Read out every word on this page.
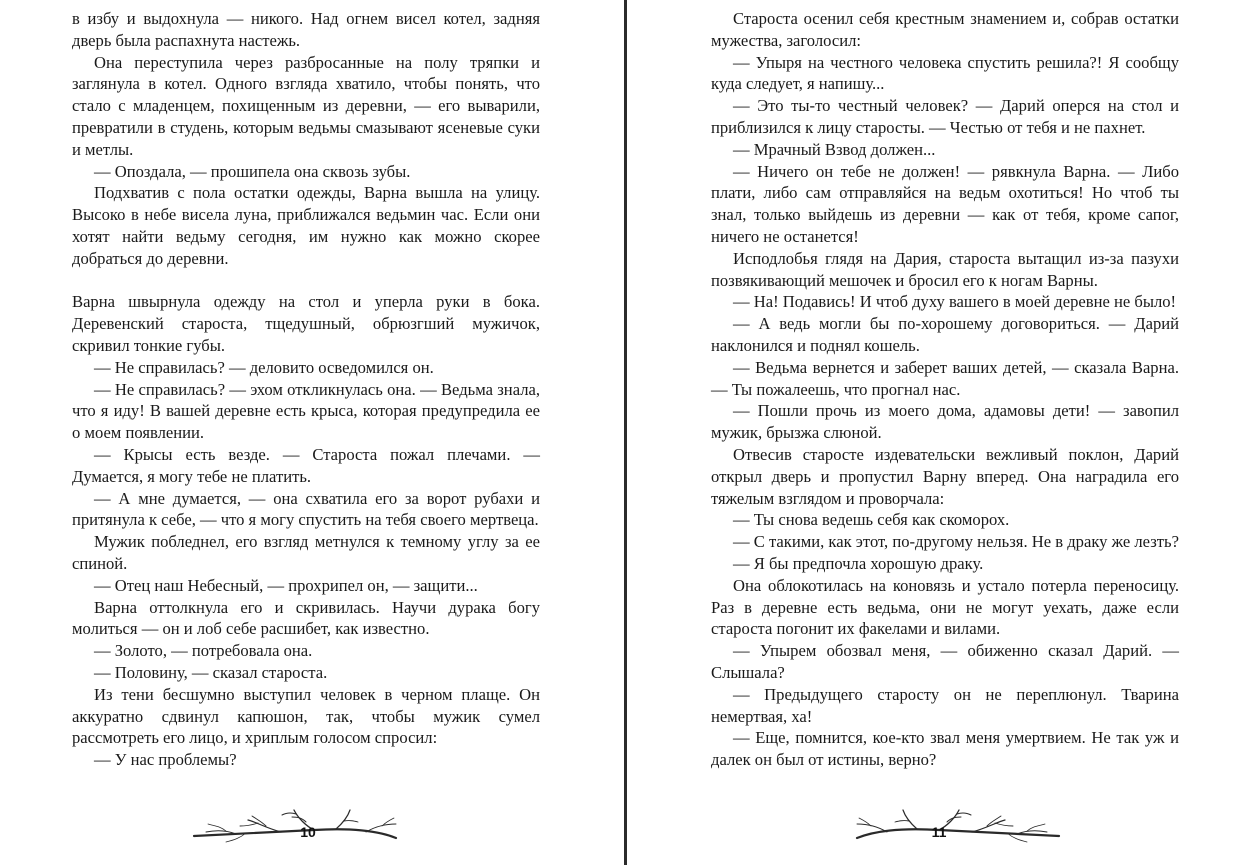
в избу и выдохнула — никого. Над огнем висел котел, задняя дверь была распахнута настежь.

Она переступила через разбросанные на полу тряпки и заглянула в котел. Одного взгляда хватило, чтобы понять, что стало с младенцем, похищенным из деревни, — его выварили, превратили в студень, которым ведьмы смазывают ясеневые суки и метлы.

— Опоздала, — прошипела она сквозь зубы.

Подхватив с пола остатки одежды, Варна вышла на улицу. Высоко в небе висела луна, приближался ведьмин час. Если они хотят найти ведьму сегодня, им нужно как можно скорее добраться до деревни.

Варна швырнула одежду на стол и уперла руки в бока. Деревенский староста, тщедушный, обрюзгший мужичок, скривил тонкие губы.

— Не справилась? — деловито осведомился он.

— Не справилась? — эхом откликнулась она. — Ведьма знала, что я иду! В вашей деревне есть крыса, которая предупредила ее о моем появлении.

— Крысы есть везде. — Староста пожал плечами. — Думается, я могу тебе не платить.

— А мне думается, — она схватила его за ворот рубахи и притянула к себе, — что я могу спустить на тебя своего мертвеца.

Мужик побледнел, его взгляд метнулся к темному углу за ее спиной.

— Отец наш Небесный, — прохрипел он, — защити...

Варна оттолкнула его и скривилась. Научи дурака богу молиться — он и лоб себе расшибет, как известно.

— Золото, — потребовала она.

— Половину, — сказал староста.

Из тени бесшумно выступил человек в черном плаще. Он аккуратно сдвинул капюшон, так, чтобы мужик сумел рассмотреть его лицо, и хриплым голосом спросил:

— У нас проблемы?

10

Староста осенил себя крестным знамением и, собрав остатки мужества, заголосил:

— Упыря на честного человека спустить решила?! Я сообщу куда следует, я напишу...

— Это ты-то честный человек? — Дарий оперся на стол и приблизился к лицу старосты. — Честью от тебя и не пахнет.

— Мрачный Взвод должен...

— Ничего он тебе не должен! — рявкнула Варна. — Либо плати, либо сам отправляйся на ведьм охотиться! Но чтоб ты знал, только выйдешь из деревни — как от тебя, кроме сапог, ничего не останется!

Исподлобья глядя на Дария, староста вытащил из-за пазухи позвякивающий мешочек и бросил его к ногам Варны.

— На! Подавись! И чтоб духу вашего в моей деревне не было!

— А ведь могли бы по-хорошему договориться. — Дарий наклонился и поднял кошель.

— Ведьма вернется и заберет ваших детей, — сказала Варна. — Ты пожалеешь, что прогнал нас.

— Пошли прочь из моего дома, адамовы дети! — завопил мужик, брызжа слюной.

Отвесив старосте издевательски вежливый поклон, Дарий открыл дверь и пропустил Варну вперед. Она наградила его тяжелым взглядом и проворчала:

— Ты снова ведешь себя как скоморох.

— С такими, как этот, по-другому нельзя. Не в драку же лезть?

— Я бы предпочла хорошую драку.

Она облокотилась на коновязь и устало потерла переносицу. Раз в деревне есть ведьма, они не могут уехать, даже если староста погонит их факелами и вилами.

— Упырем обозвал меня, — обиженно сказал Дарий. — Слышала?

— Предыдущего старосту он не переплюнул. Тварина немертвая, ха!

— Еще, помнится, кое-кто звал меня умертвием. Не так уж и далек он был от истины, верно?

11
